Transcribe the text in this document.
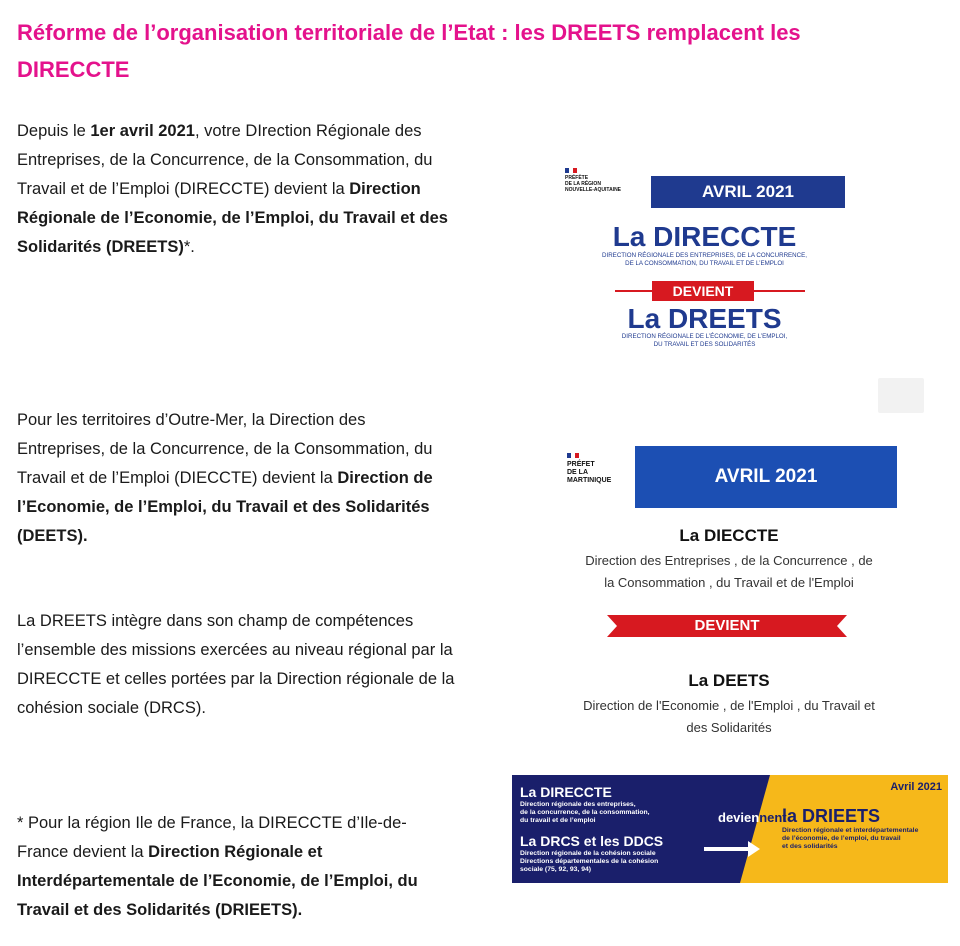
Réforme de l’organisation territoriale de l’Etat : les DREETS remplacent les DIRECCTE

Depuis le 1er avril 2021, votre DIrection Régionale des Entreprises, de la Concurrence, de la Consommation, du Travail et de l’Emploi (DIRECCTE) devient la Direction Régionale de l’Economie, de l’Emploi, du Travail et des Solidarités (DREETS)*.

Pour les territoires d’Outre-Mer, la Direction des Entreprises, de la Concurrence, de la Consommation, du Travail et de l’Emploi (DIECCTE) devient la Direction de l’Economie, de l’Emploi, du Travail et des Solidarités (DEETS).

La DREETS intègre dans son champ de compétences l’ensemble des missions exercées au niveau régional par la DIRECCTE et celles portées par la Direction régionale de la cohésion sociale (DRCS).

* Pour la région Ile de France, la DIRECCTE d’Ile-de-France devient la Direction Régionale et Interdépartementale de l’Economie, de l’Emploi, du Travail et des Solidarités (DRIEETS).

PRÉFÈTE
DE LA RÉGION
NOUVELLE-AQUITAINE	AVRIL 2021
La DIRECCTE
DIRECTION RÉGIONALE DES ENTREPRISES, DE LA CONCURRENCE,
DE LA CONSOMMATION, DU TRAVAIL ET DE L’EMPLOI
DEVIENT
La DREETS
DIRECTION RÉGIONALE DE L’ÉCONOMIE, DE L’EMPLOI,
DU TRAVAIL ET DES SOLIDARITÉS
PRÉFET
DE LA
MARTINIQUE	AVRIL 2021
La DIECCTE
Direction des Entreprises , de la Concurrence , de
la Consommation , du Travail et de l'Emploi
DEVIENT
La DEETS
Direction de l'Economie , de l'Emploi , du Travail et
des Solidarités
La DIRECCTE
Direction régionale des entreprises,
de la concurrence, de la consommation,
du travail et de l’emploi
La DRCS et les DDCS
Direction régionale de la cohésion sociale
Directions départementales de la cohésion
sociale (75, 92, 93, 94)
deviennent
Avril 2021
la DRIEETS
Direction régionale et interdépartementale
de l’économie, de l’emploi, du travail
et des solidarités
